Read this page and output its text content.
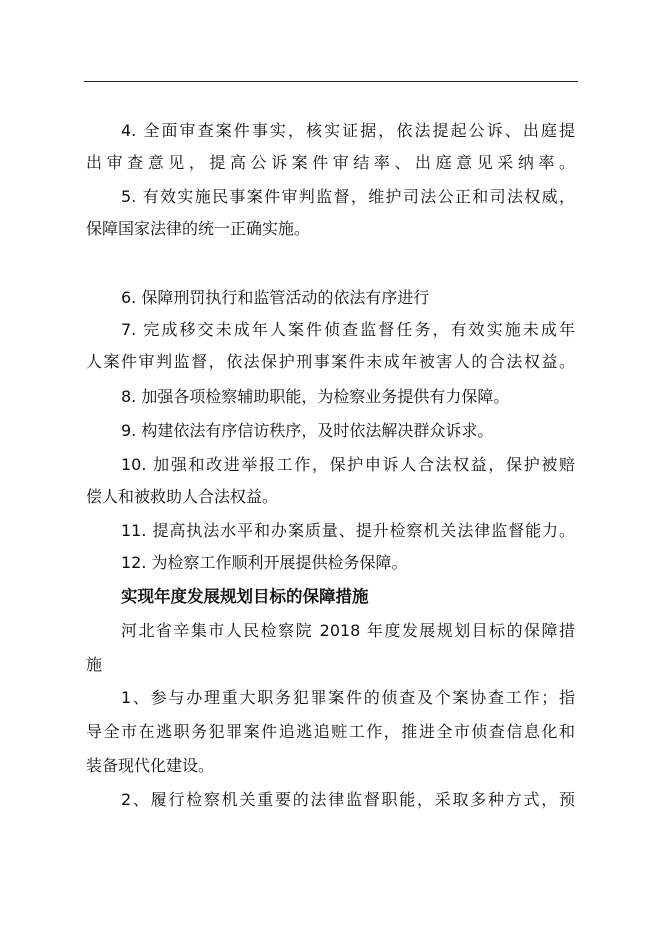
4. 全面审查案件事实，核实证据，依法提起公诉、出庭提
出审查意见，提高公诉案件审结率、出庭意见采纳率。
5. 有效实施民事案件审判监督，维护司法公正和司法权威，
保障国家法律的统一正确实施。
6. 保障刑罚执行和监管活动的依法有序进行
7. 完成移交未成年人案件侦查监督任务，有效实施未成年
人案件审判监督，依法保护刑事案件未成年被害人的合法权益。
8. 加强各项检察辅助职能，为检察业务提供有力保障。
9. 构建依法有序信访秩序，及时依法解决群众诉求。
10. 加强和改进举报工作，保护申诉人合法权益，保护被赔
偿人和被救助人合法权益。
11. 提高执法水平和办案质量、提升检察机关法律监督能力。
12. 为检察工作顺利开展提供检务保障。
实现年度发展规划目标的保障措施
河北省辛集市人民检察院 2018 年度发展规划目标的保障措
施
1、参与办理重大职务犯罪案件的侦查及个案协查工作；指
导全市在逃职务犯罪案件追逃追赃工作，推进全市侦查信息化和
装备现代化建设。
2、履行检察机关重要的法律监督职能，采取多种方式，预
